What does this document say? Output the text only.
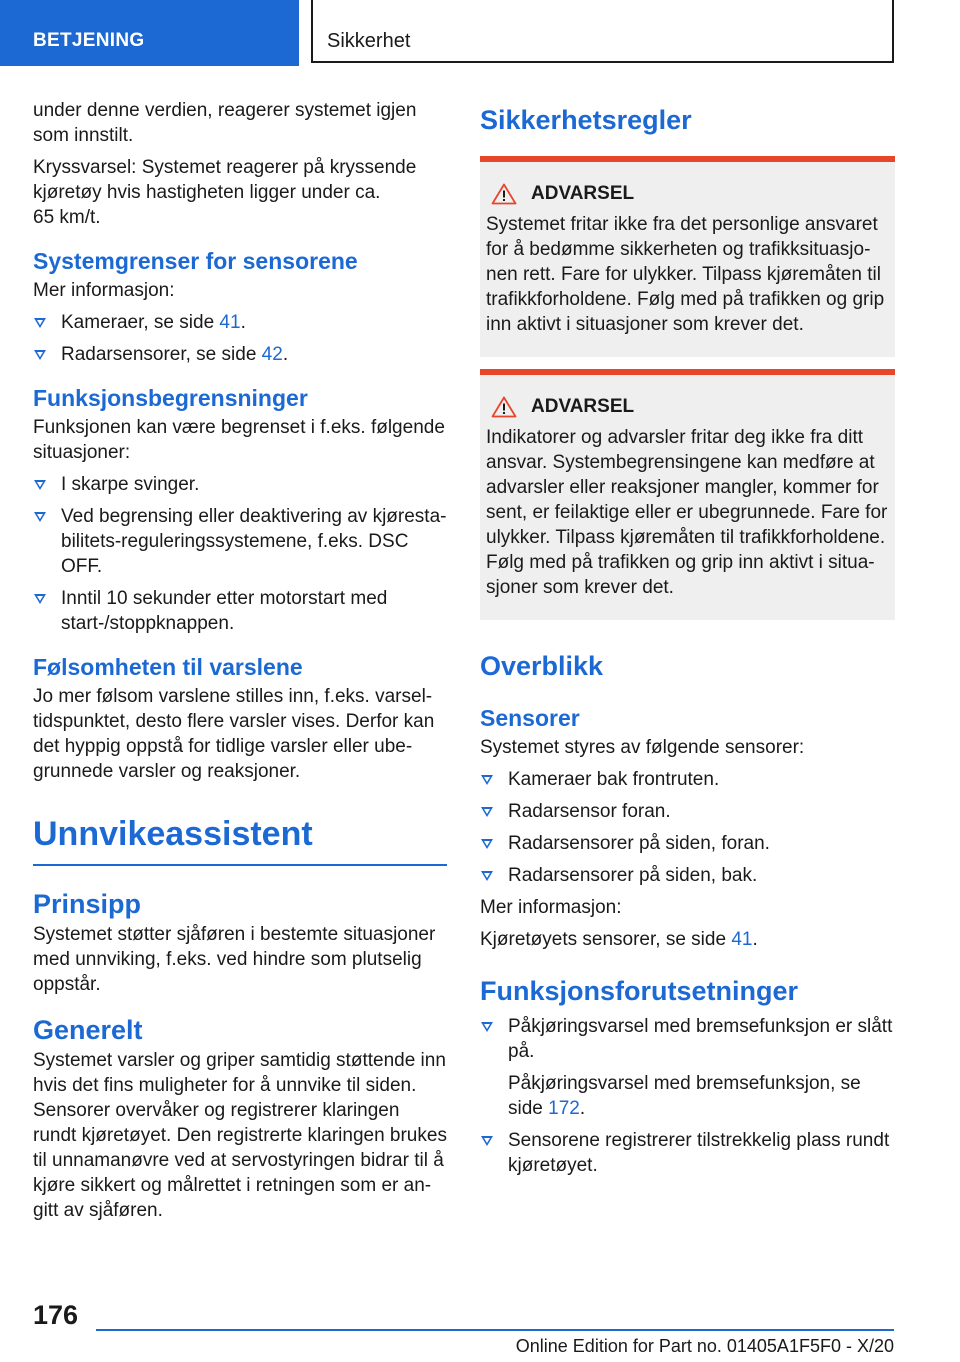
BETJENING	Sikkerhet

under denne verdien, reagerer systemet igjen som innstilt.

Kryssvarsel: Systemet reagerer på kryssende kjøretøy hvis hastigheten ligger under ca.
65 km/t.

Systemgrenser for sensorene

Mer informasjon:

Kameraer, se side 41.
Radarsensorer, se side 42.
Funksjonsbegrensninger

Funksjonen kan være begrenset i f.eks. følgende situasjoner:

I skarpe svinger.
Ved begrensing eller deaktivering av kjørestabilitets-reguleringssystemene, f.eks. DSC OFF.
Inntil 10 sekunder etter motorstart med start-/stoppknappen.
Følsomheten til varslene

Jo mer følsom varslene stilles inn, f.eks. varseltidspunktet, desto flere varsler vises. Derfor kan det hyppig oppstå for tidlige varsler eller ubegrunnede varsler og reaksjoner.

Unnvikeassistent
Prinsipp

Systemet støtter sjåføren i bestemte situasjoner med unnviking, f.eks. ved hindre som plutselig oppstår.

Generelt

Systemet varsler og griper samtidig støttende inn hvis det fins muligheter for å unnvike til siden. Sensorer overvåker og registrerer klaringen rundt kjøretøyet. Den registrerte klaringen brukes til unnamanøvre ved at servostyringen bidrar til å kjøre sikkert og målrettet i retningen som er angitt av sjåføren.

Sikkerhetsregler
ADVARSEL

Systemet fritar ikke fra det personlige ansvaret for å bedømme sikkerheten og trafikksituasjonen rett. Fare for ulykker. Tilpass kjøremåten til trafikkforholdene. Følg med på trafikken og grip inn aktivt i situasjoner som krever det.

ADVARSEL

Indikatorer og advarsler fritar deg ikke fra ditt ansvar. Systembegrensingene kan medføre at advarsler eller reaksjoner mangler, kommer for sent, er feilaktige eller er ubegrunnede. Fare for ulykker. Tilpass kjøremåten til trafikkforholdene. Følg med på trafikken og grip inn aktivt i situasjoner som krever det.

Overblikk
Sensorer

Systemet styres av følgende sensorer:

Kameraer bak frontruten.
Radarsensor foran.
Radarsensorer på siden, foran.
Radarsensorer på siden, bak.

Mer informasjon:

Kjøretøyets sensorer, se side 41.

Funksjonsforutsetninger
Påkjøringsvarsel med bremsefunksjon er slått på.

Påkjøringsvarsel med bremsefunksjon, se side 172.

Sensorene registrerer tilstrekkelig plass rundt kjøretøyet.
176
Online Edition for Part no. 01405A1F5F0 - X/20
